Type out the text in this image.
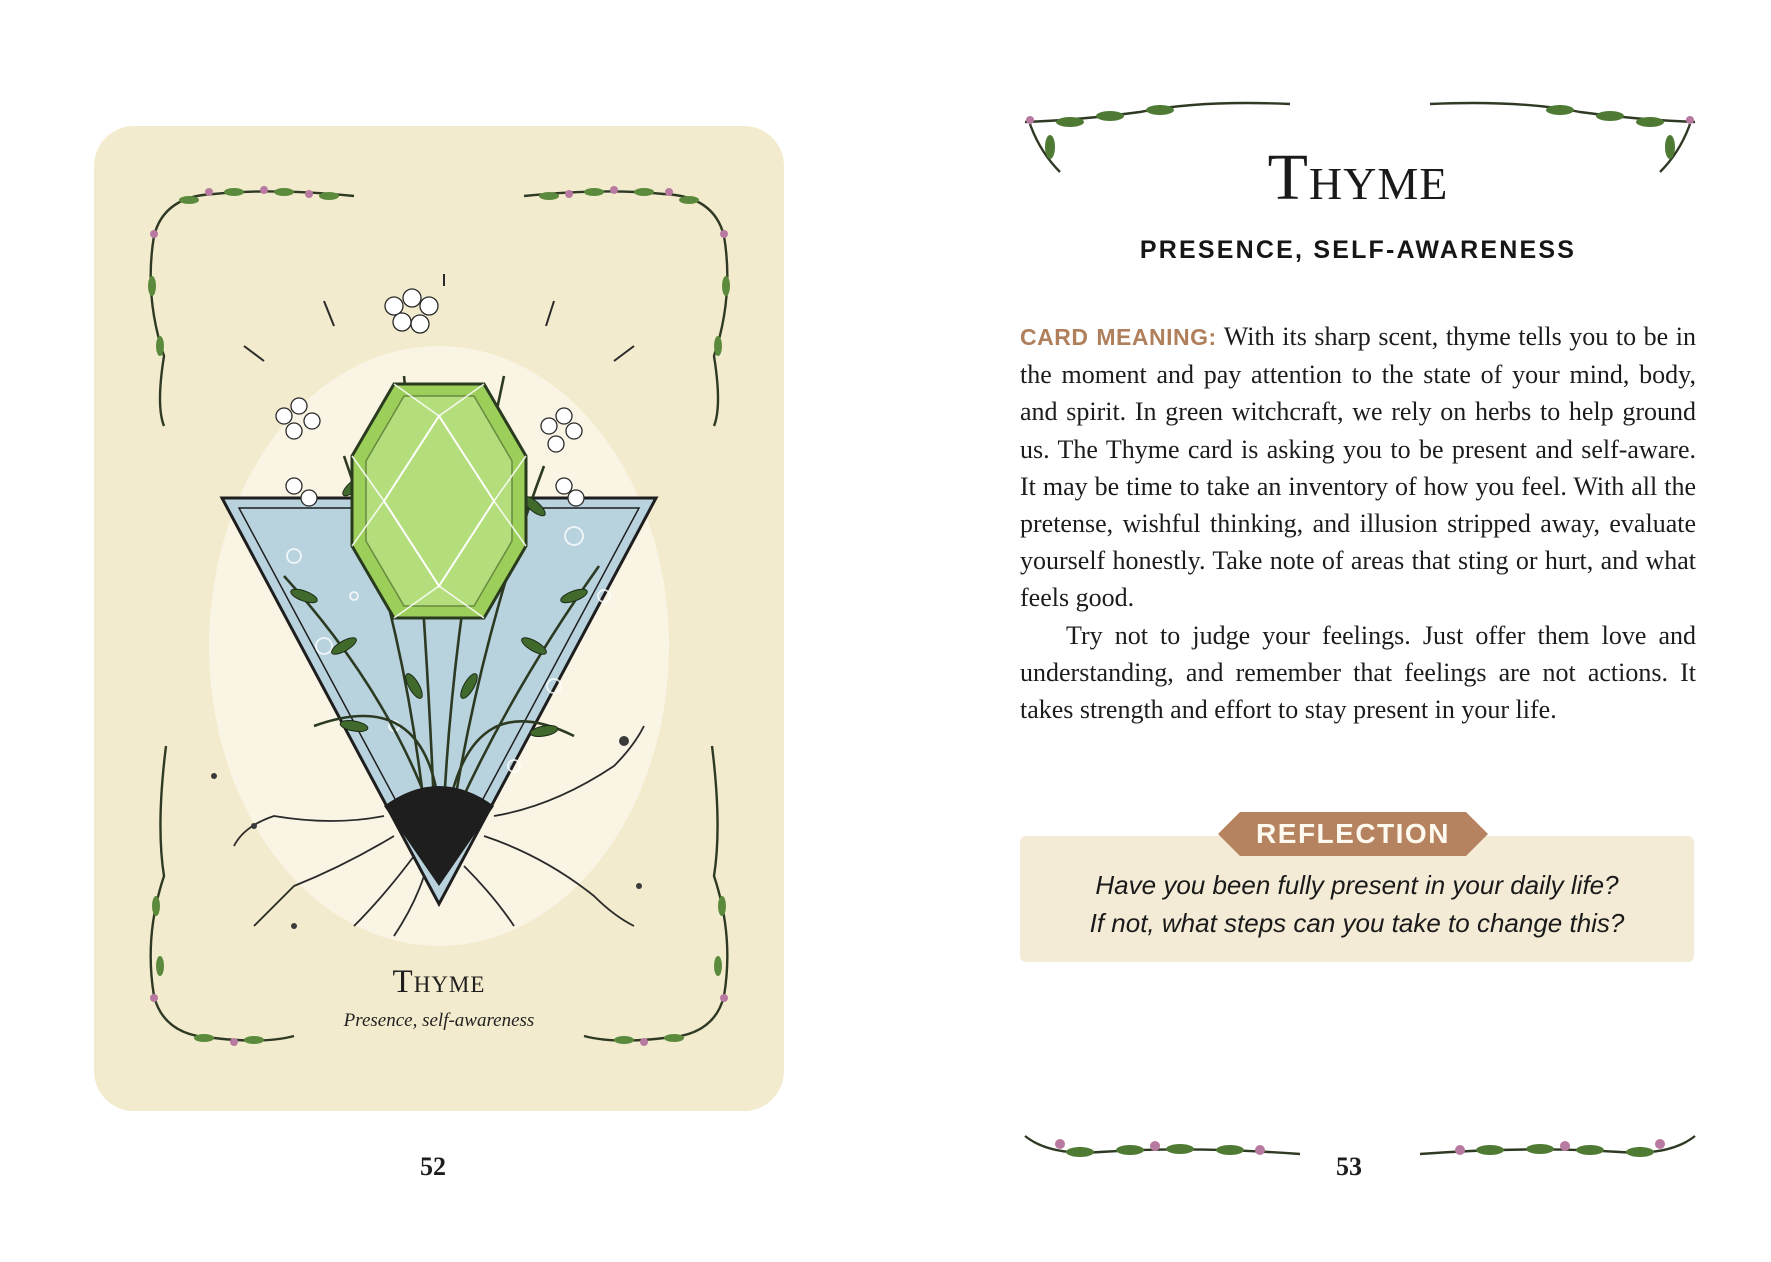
Thyme
Presence, self-awareness
52
Thyme
PRESENCE, SELF-AWARENESS

CARD MEANING: With its sharp scent, thyme tells you to be in the moment and pay attention to the state of your mind, body, and spirit. In green witchcraft, we rely on herbs to help ground us. The Thyme card is asking you to be present and self-aware. It may be time to take an inventory of how you feel. With all the pretense, wishful thinking, and illusion stripped away, evaluate yourself honestly. Take note of areas that sting or hurt, and what feels good.

Try not to judge your feelings. Just offer them love and understanding, and remember that feelings are not actions. It takes strength and effort to stay present in your life.

REFLECTION
Have you been fully present in your daily life?
If not, what steps can you take to change this?
53
